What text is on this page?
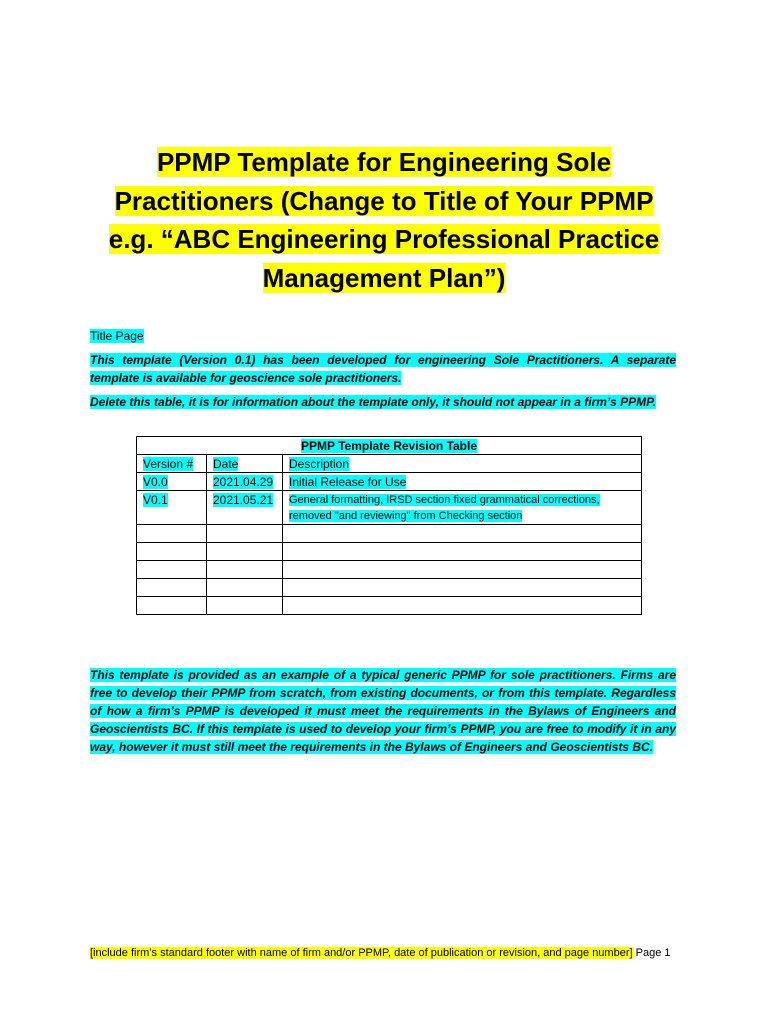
PPMP Template for Engineering Sole
Practitioners (Change to Title of Your PPMP
e.g. “ABC Engineering Professional Practice
Management Plan”)
Title Page
This template (Version 0.1) has been developed for engineering Sole Practitioners. A separate template is available for geoscience sole practitioners.
Delete this table, it is for information about the template only, it should not appear in a firm’s PPMP.
PPMP Template Revision Table		
Version #	Date	Description
V0.0	2021.04.29	Initial Release for Use
V0.1	2021.05.21	General formatting, IRSD section fixed grammatical corrections, removed "and reviewing" from Checking section

This template is provided as an example of a typical generic PPMP for sole practitioners. Firms are free to develop their PPMP from scratch, from existing documents, or from this template. Regardless of how a firm’s PPMP is developed it must meet the requirements in the Bylaws of Engineers and Geoscientists BC. If this template is used to develop your firm’s PPMP, you are free to modify it in any way, however it must still meet the requirements in the Bylaws of Engineers and Geoscientists BC.
[include firm’s standard footer with name of firm and/or PPMP, date of publication or revision, and page number] Page 1
